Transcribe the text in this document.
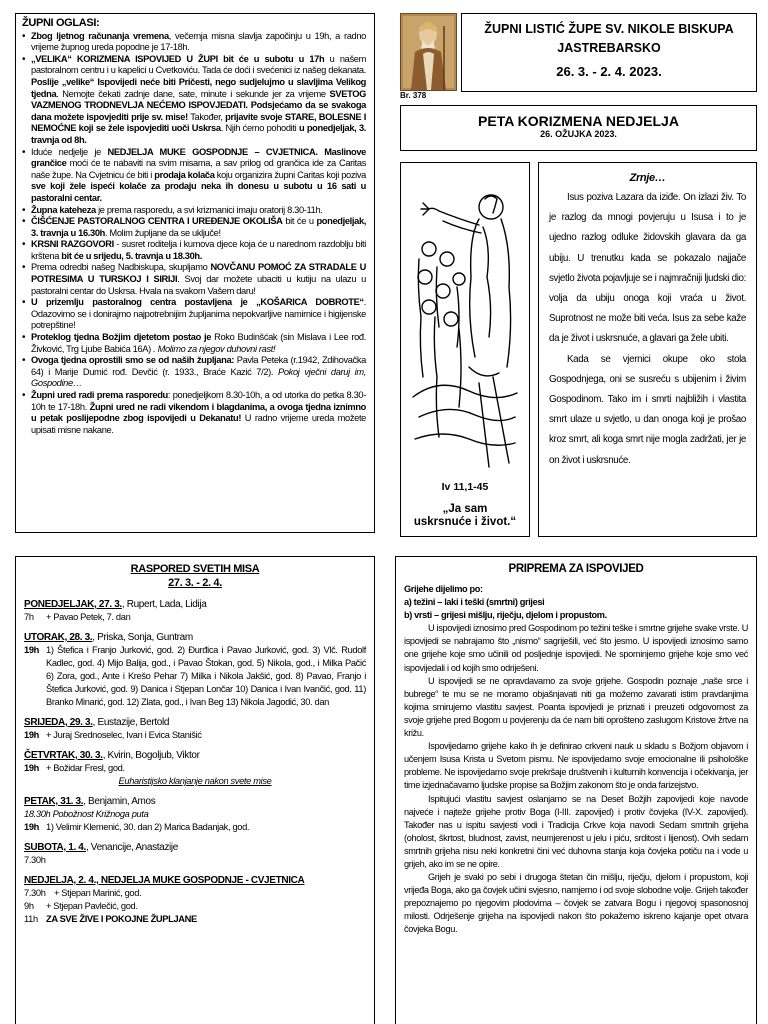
ŽUPNI OGLASI:
• Zbog ljetnog računanja vremena, večernja misna slavlja započinju u 19h, a radno vrijeme župnog ureda popodne je 17-18h.
• „VELIKA“ KORIZMENA ISPOVIJED U ŽUPI bit će u subotu u 17h u našem pastoralnom centru i u kapelici u Cvetkoviću. Tada će doći i svećenici iz našeg dekanata. Poslije „velike“ Ispovijedi neće biti Pričesti, nego sudjelujmo u slavljima Velikog tjedna. Nemojte čekati zadnje dane, sate, minute i sekunde jer za vrijeme SVETOG VAZMENOG TRODNEVLJA NEĆEMO ISPOVJEDATI. Podsjećamo da se svakoga dana možete ispovjediti prije sv. mise! Također, prijavite svoje STARE, BOLESNE I NEMOĆNE koji se žele ispovjediti uoči Uskrsa. Njih ćemo pohoditi u ponedjeljak, 3. travnja od 8h.
• Iduće nedjelje je NEDJELJA MUKE GOSPODNJE – CVJETNICA. Maslinove grančice moći će te nabaviti na svim misama, a sav prilog od grančica ide za Caritas naše župe. Na Cvjetnicu će biti i prodaja kolača koju organizira župni Caritas koji poziva sve koji žele ispeći kolače za prodaju neka ih donesu u subotu u 16 sati u pastoralni centar.
• Župna kateheza je prema rasporedu, a svi krizmanici imaju oratorij 8.30-11h.
• ČIŠĆENJE PASTORALNOG CENTRA I UREĐENJE OKOLIŠA bit će u ponedjeljak, 3. travnja u 16.30h. Molim župljane da se uključe!
• KRSNI RAZGOVORI - susret roditelja i kumova djece koja će u narednom razdoblju biti krštena bit će u srijedu, 5. travnja u 18.30h.
• Prema odredbi našeg Nadbiskupa, skupljamo NOVČANU POMOĆ ZA STRADALE U POTRESIMA U TURSKOJ I SIRIJI. Svoj dar možete ubaciti u kutiju na ulazu u pastoralni centar do Uskrsa. Hvala na svakom Vašem daru!
• U prizemlju pastoralnog centra postavljena je „KOŠARICA DOBROTE“. Odazovimo se i donirajmo najpotrebnijim župljanima nepokvarljive namirnice i higijenske potrepštine!
• Proteklog tjedna Božjim djetetom postao je Roko Budinšćak (sin Mislava i Lee rođ. Živković, Trg Ljube Babića 16A) . Molimo za njegov duhovni rast!
• Ovoga tjedna oprostili smo se od naših župljana: Pavla Peteka (r.1942, Zdihovačka 64) i Marije Dumić rođ. Devčić (r. 1933., Braće Kazić 7/2). Pokoj vječni daruj im, Gospodine…
• Župni ured radi prema rasporedu: ponedjeljkom 8.30-10h, a od utorka do petka 8.30-10h te 17-18h. Župni ured ne radi vikendom i blagdanima, a ovoga tjedna iznimno u petak poslijepodne zbog ispovijedi u Dekanatu! U radno vrijeme ureda možete upisati misne nakane.
Br. 378
ŽUPNI LISTIĆ ŽUPE SV. NIKOLE BISKUPA
JASTREBARSKO
26. 3. - 2. 4. 2023.
PETA KORIZMENA NEDJELJA
26. OŽUJKA 2023.
Iv 11,1-45
„Ja sam
uskrsnuće i život.“
Zrnje…

Isus poziva Lazara da iziđe. On izlazi živ. To je razlog da mnogi povjeruju u Isusa i to je ujedno razlog odluke židovskih glavara da ga ubiju. U trenutku kada se pokazalo najjače svjetlo života pojavljuje se i najmračniji ljudski dio: volja da ubiju onoga koji vraća u život. Suprotnost ne može biti veća. Isus za sebe kaže da je život i uskrsnuće, a glavari ga žele ubiti.

Kada se vjernici okupe oko stola Gospodnjega, oni se susreću s ubijenim i živim Gospodinom. Tako im i smrti najbližih i vlastita smrt ulaze u svjetlo, u dan onoga koji je prošao kroz smrt, ali koga smrt nije mogla zadržati, jer je on život i uskrsnuće.

RASPORED SVETIH MISA
27. 3. - 2. 4.
PONEDJELJAK, 27. 3., Rupert, Lada, Lidija
7h	+ Pavao Petek, 7. dan
UTORAK, 28. 3., Priska, Sonja, Guntram
19h 1) Štefica i Franjo Jurković, god. 2) Đurđica i Pavao Jurković, god. 3) Vlč. Rudolf Kadlec, god. 4) Mijo Balija, god., i Pavao Štokan, god. 5) Nikola, god., i Milka Pačić 6) Zora, god., Ante i Krešo Pehar 7) Milka i Nikola Jakšić, god. 8) Pavao, Franjo i Štefica Jurković, god. 9) Danica i Stjepan Lončar 10) Danica i Ivan Ivančić, god. 11) Branko Minarić, god. 12) Zlata, god., i Ivan Beg 13) Nikola Jagodić, 30. dan
SRIJEDA, 29. 3., Eustazije, Bertold
19h + Juraj Srednoselec, Ivan i Evica Stanišić
ČETVRTAK, 30. 3., Kvirin, Bogoljub, Viktor
19h + Božidar Fresl, god.
Euharistijsko klanjanje nakon svete mise
PETAK, 31. 3., Benjamin, Amos
18.30h Pobožnost Križnoga puta
19h 1) Velimir Klemenić, 30. dan 2) Marica Badanjak, god.
SUBOTA, 1. 4., Venancije, Anastazije
7.30h
NEDJELJA, 2. 4., NEDJELJA MUKE GOSPODNJE - CVJETNICA
7.30h + Stjepan Marinić, god.
9h	+ Stjepan Pavlečić, god.
11h ZA SVE ŽIVE I POKOJNE ŽUPLJANE
PRIPREMA ZA ISPOVIJED
Grijehe dijelimo po:
a) težini – laki i teški (smrtni) grijesi
b) vrsti – grijesi mišlju, riječju, djelom i propustom.

U ispovijedi iznosimo pred Gospodinom po težini teške i smrtne grijehe svake vrste. U ispovijedi se nabrajamo što „nismo“ sagriješili, već što jesmo. U ispovijedi iznosimo samo one grijehe koje smo učinili od posljednje ispovijedi. Ne spominjemo grijehe koje smo već ispovijedali i od kojih smo odriješeni.

U ispovijedi se ne opravdavamo za svoje grijehe. Gospodin poznaje „naše srce i bubrege“ te mu se ne moramo objašnjavati niti ga možemo zavarati istim pravdanjima kojima smirujemo vlastitu savjest. Poanta ispovijedi je priznati i preuzeti odgovornost za svoje grijehe pred Bogom u povjerenju da će nam biti oprošteno zaslugom Kristove žrtve na križu.

Ispovijedamo grijehe kako ih je definirao crkveni nauk u skladu s Božjom objavom i učenjem Isusa Krista u Svetom pismu. Ne ispovijedamo svoje emocionalne ili psihološke probleme. Ne ispovijedamo svoje prekršaje društvenih i kulturnih konvencija i očekivanja, jer time izjednačavamo ljudske propise sa Božjim zakonom što je onda farizejstvo.

Ispitujući vlastitu savjest oslanjamo se na Deset Božjih zapovijedi koje navode najveće i najteže grijehe protiv Boga (I-III. zapovijed) i protiv čovjeka (IV-X. zapovijed). Također nas u ispitu savjesti vodi i Tradicija Crkve koja navodi Sedam smrtnih grijeha (oholost, škrtost, bludnost, zavist, neumjerenost u jelu i piću, srditost i lijenost). Ovih sedam smrtnih grijeha nisu neki konkretni čini već duhovna stanja koja čovjeka potiču na i vode u grijeh, ako im se ne opire.

Grijeh je svaki po sebi i drugoga štetan čin mišlju, riječju, djelom i propustom, koji vrijeđa Boga, ako ga čovjek učini svjesno, namjerno i od svoje slobodne volje. Grijeh također prepoznajemo po njegovim plodovima – čovjek se zatvara Bogu i njegovoj spasonosnoj milosti. Odrješenje grijeha na ispovijedi nakon što pokažemo iskreno kajanje opet otvara čovjeka Bogu.
